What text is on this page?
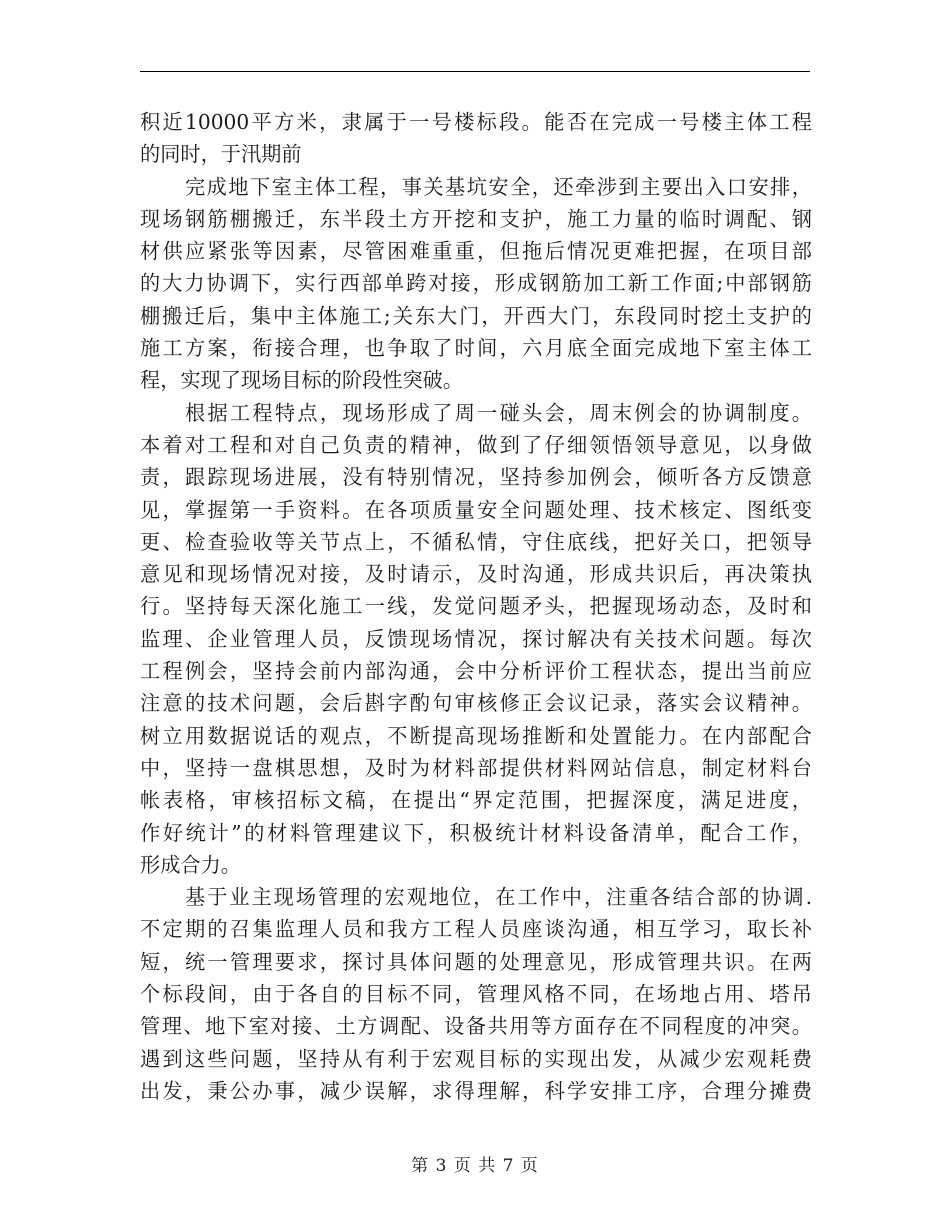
积近10000平方米，隶属于一号楼标段。能否在完成一号楼主体工程
的同时，于汛期前
完成地下室主体工程，事关基坑安全，还牵涉到主要出入口安排，
现场钢筋棚搬迁，东半段土方开挖和支护，施工力量的临时调配、钢
材供应紧张等因素，尽管困难重重，但拖后情况更难把握，在项目部
的大力协调下，实行西部单跨对接，形成钢筋加工新工作面;中部钢筋
棚搬迁后，集中主体施工;关东大门，开西大门，东段同时挖土支护的
施工方案，衔接合理，也争取了时间，六月底全面完成地下室主体工
程，实现了现场目标的阶段性突破。
根据工程特点，现场形成了周一碰头会，周末例会的协调制度。
本着对工程和对自己负责的精神，做到了仔细领悟领导意见，以身做
责，跟踪现场进展，没有特别情况，坚持参加例会，倾听各方反馈意
见，掌握第一手资料。在各项质量安全问题处理、技术核定、图纸变
更、检查验收等关节点上，不循私情，守住底线，把好关口，把领导
意见和现场情况对接，及时请示，及时沟通，形成共识后，再决策执
行。坚持每天深化施工一线，发觉问题矛头，把握现场动态，及时和
监理、企业管理人员，反馈现场情况，探讨解决有关技术问题。每次
工程例会，坚持会前内部沟通，会中分析评价工程状态，提出当前应
注意的技术问题，会后斟字酌句审核修正会议记录，落实会议精神。
树立用数据说话的观点，不断提高现场推断和处置能力。在内部配合
中，坚持一盘棋思想，及时为材料部提供材料网站信息，制定材料台
帐表格，审核招标文稿，在提出“界定范围，把握深度，满足进度，
作好统计”的材料管理建议下，积极统计材料设备清单，配合工作，
形成合力。
基于业主现场管理的宏观地位，在工作中，注重各结合部的协调.
不定期的召集监理人员和我方工程人员座谈沟通，相互学习，取长补
短，统一管理要求，探讨具体问题的处理意见，形成管理共识。在两
个标段间，由于各自的目标不同，管理风格不同，在场地占用、塔吊
管理、地下室对接、土方调配、设备共用等方面存在不同程度的冲突。
遇到这些问题，坚持从有利于宏观目标的实现出发，从减少宏观耗费
出发，秉公办事，减少误解，求得理解，科学安排工序，合理分摊费
第 3 页 共 7 页
